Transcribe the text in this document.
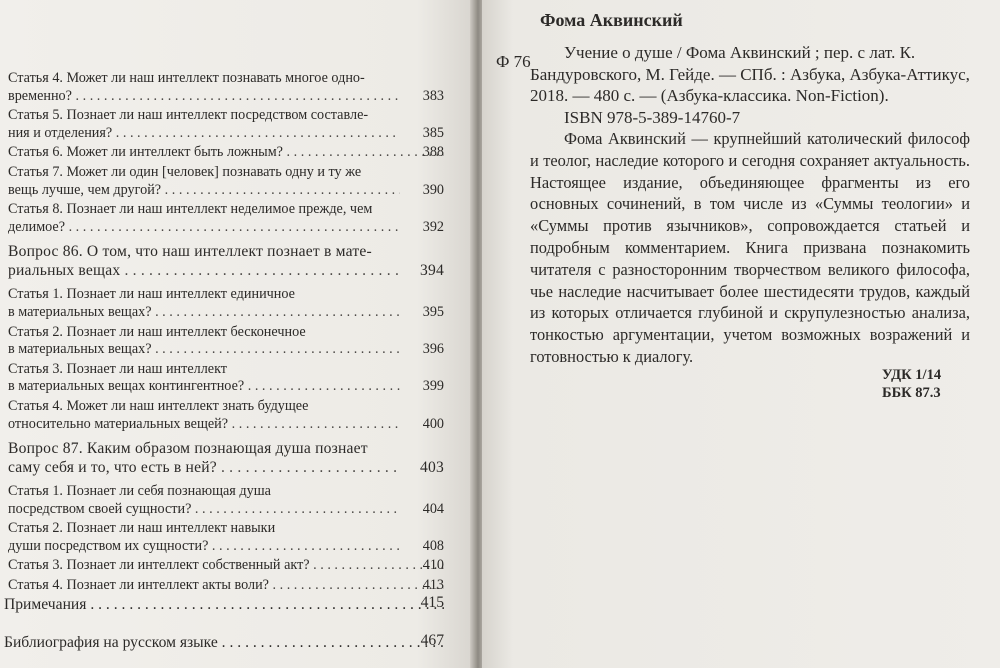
Статья 4. Может ли наш интеллект познавать многое одно-
временно? . . .	383
Статья 5. Познает ли наш интеллект посредством составле-
ния и отделения? . . .	385
Статья 6. Может ли интеллект быть ложным? . . .	388
Статья 7. Может ли один [человек] познавать одну и ту же
вещь лучше, чем другой? . . .	390
Статья 8. Познает ли наш интеллект неделимое прежде, чем
делимое? . . .	392
Вопрос 86. О том, что наш интеллект познает в мате-
риальных вещах . . .	394
Статья 1. Познает ли наш интеллект единичное
в материальных вещах? . . .	395
Статья 2. Познает ли наш интеллект бесконечное
в материальных вещах? . . .	396
Статья 3. Познает ли наш интеллект
в материальных вещах контингентное? . . .	399
Статья 4. Может ли наш интеллект знать будущее
относительно материальных вещей? . . .	400
Вопрос 87. Каким образом познающая душа познает
саму себя и то, что есть в ней? . . .	403
Статья 1. Познает ли себя познающая душа
посредством своей сущности? . . .	404
Статья 2. Познает ли наш интеллект навыки
души посредством их сущности? . . .	408
Статья 3. Познает ли интеллект собственный акт? . . .	410
Статья 4. Познает ли интеллект акты воли? . . .	413
Примечания . . .	415
Библиография на русском языке . . .	467
Фома Аквинский
Ф 76	Учение о душе / Фома Аквинский ; пер. с лат. К. Бандуровского, М. Гейде. — СПб. : Азбука, Азбука-Аттикус, 2018. — 480 с. — (Азбука-классика. Non-Fiction).

ISBN 978-5-389-14760-7

Фома Аквинский — крупнейший католический философ и теолог, наследие которого и сегодня сохраняет актуальность. Настоящее издание, объединяющее фрагменты из его основных сочинений, в том числе из «Суммы теологии» и «Суммы против язычников», сопровождается статьей и подробным комментарием. Книга призвана познакомить читателя с разносторонним творчеством великого философа, чье наследие насчитывает более шестидесяти трудов, каждый из которых отличается глубиной и скрупулезностью анализа, тонкостью аргументации, учетом возможных возражений и готовностью к диалогу.

УДК 1/14
ББК 87.3
